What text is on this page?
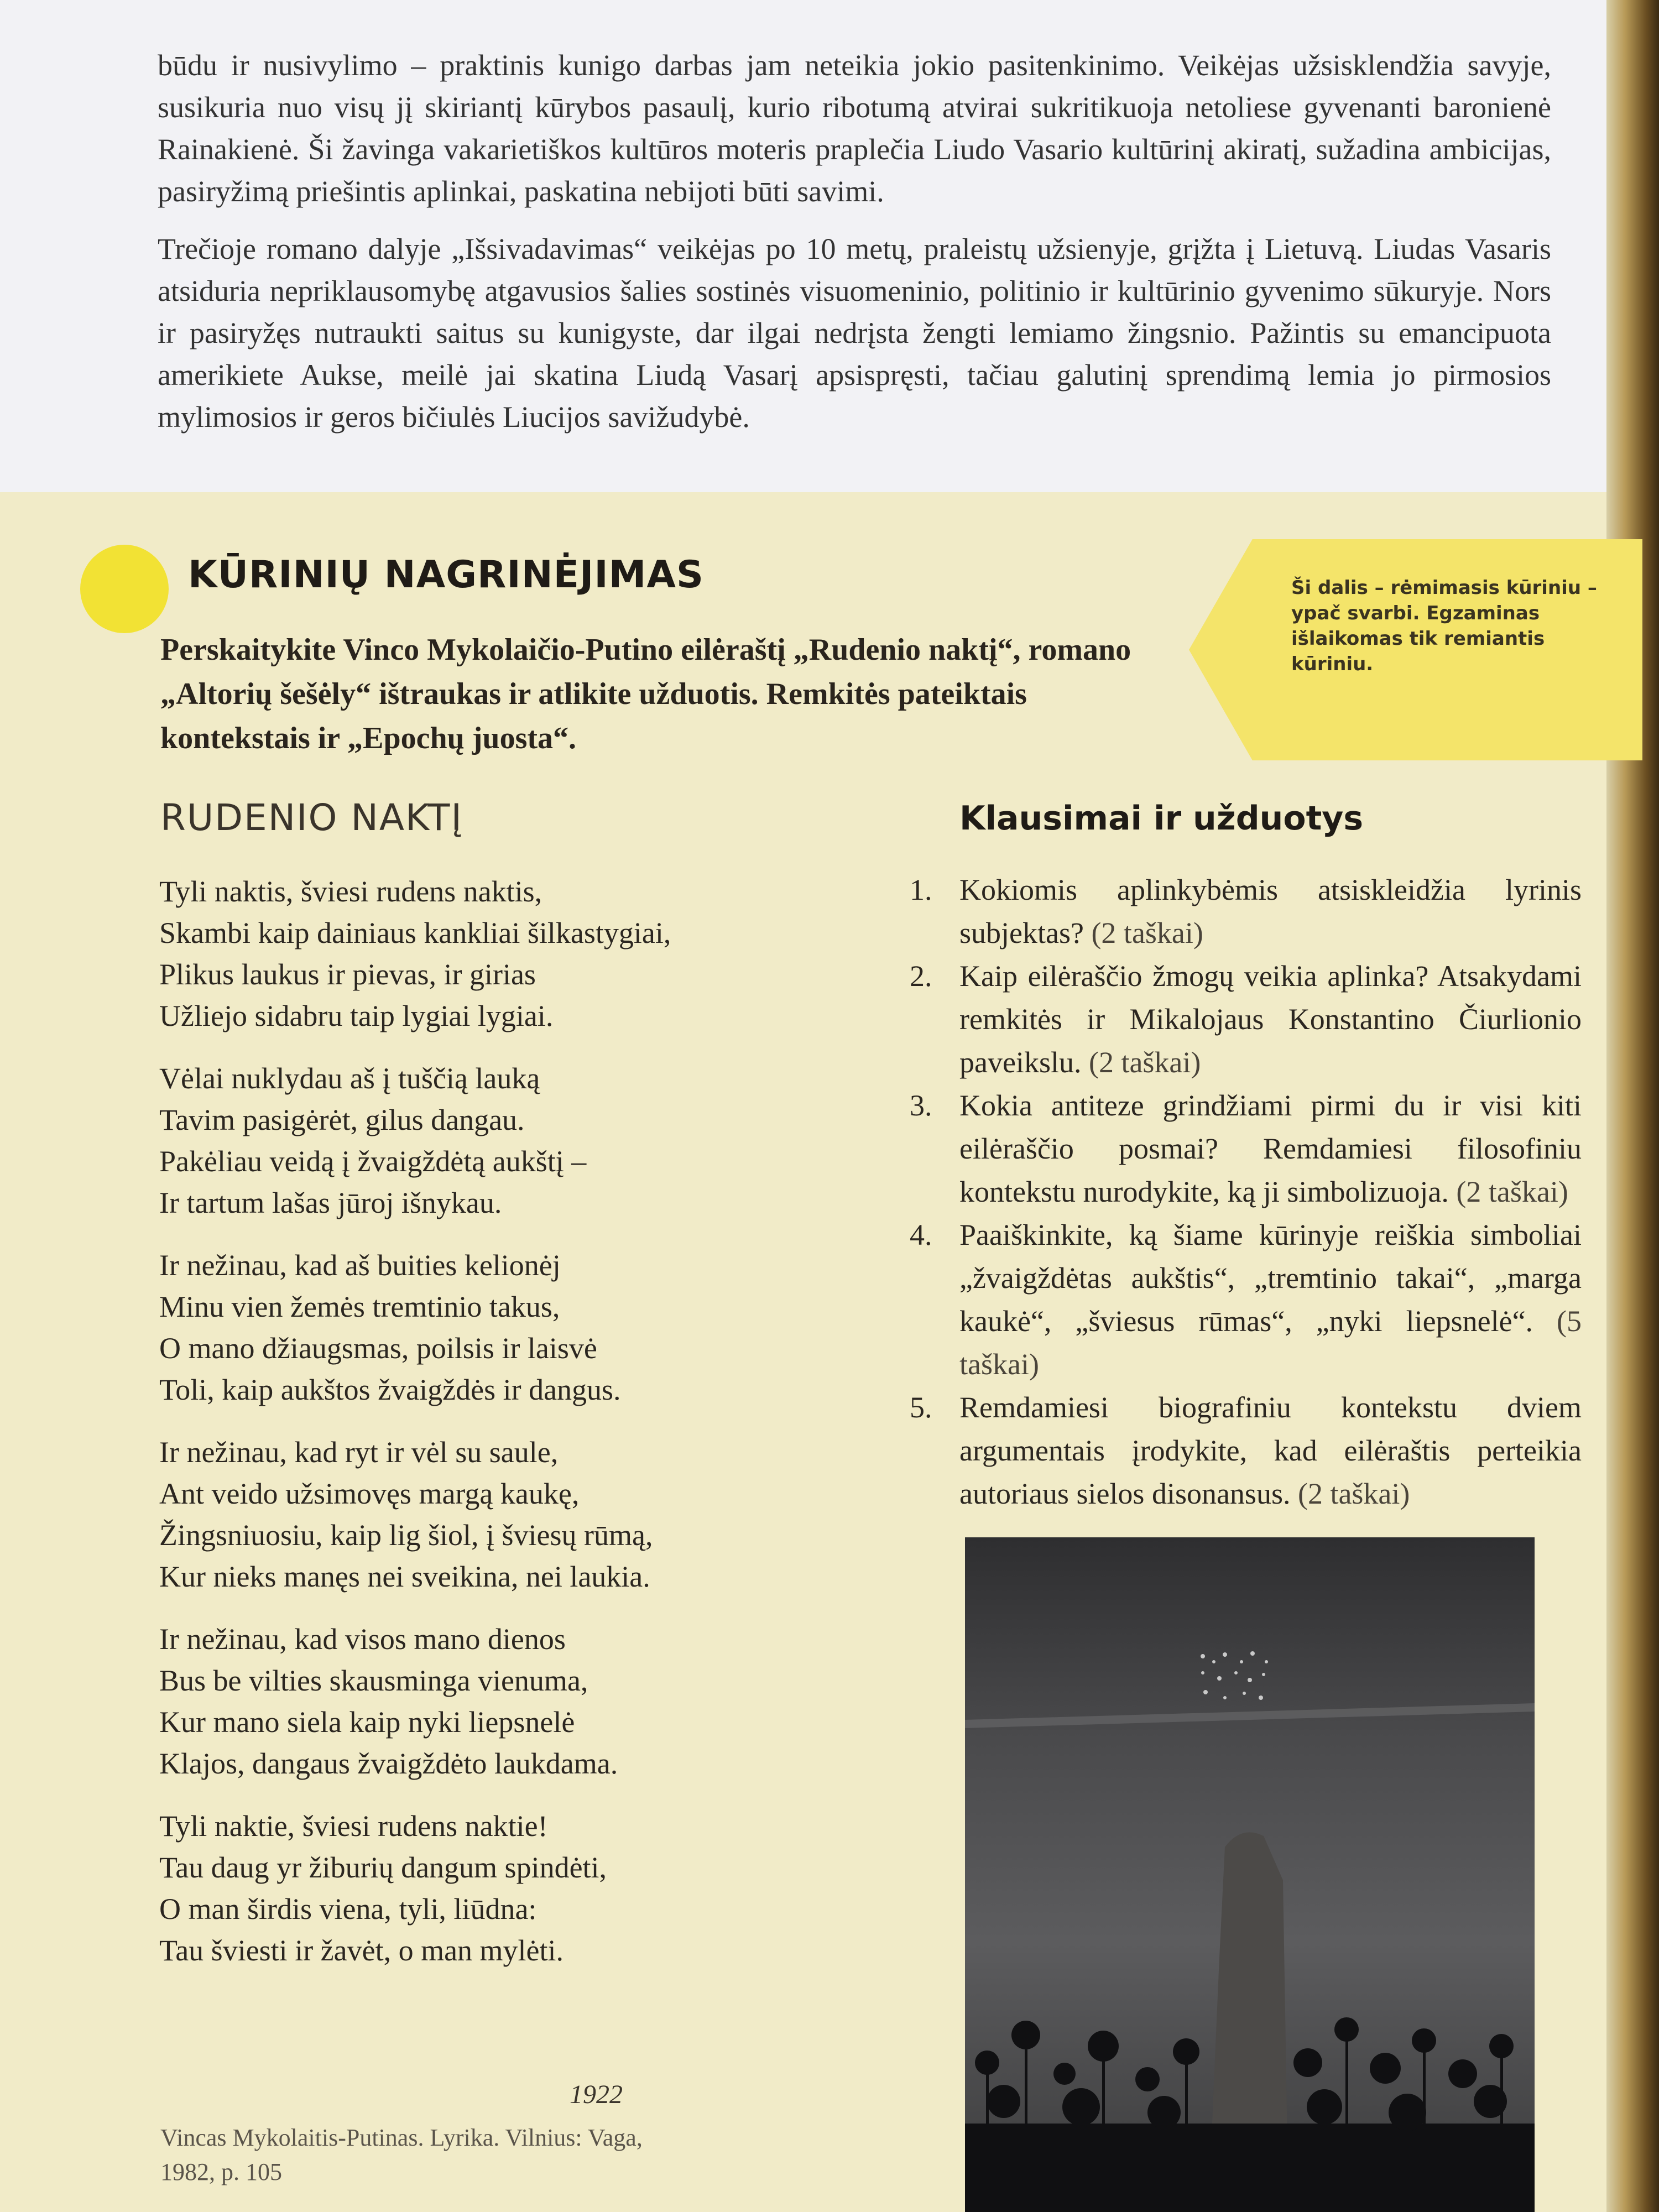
būdu ir nusivylimo – praktinis kunigo darbas jam neteikia jokio pasitenkinimo. Veikėjas užsisklendžia savyje, susikuria nuo visų jį skiriantį kūrybos pasaulį, kurio ribotumą atvirai sukritikuoja netoliese gyvenanti baronienė Rainakienė. Ši žavinga vakarietiškos kultūros moteris praplečia Liudo Vasario kultūrinį akiratį, sužadina ambicijas, pasiryžimą priešintis aplinkai, paskatina nebijoti būti savimi.

Trečioje romano dalyje „Išsivadavimas“ veikėjas po 10 metų, praleistų užsienyje, grįžta į Lietuvą. Liudas Vasaris atsiduria nepriklausomybę atgavusios šalies sostinės visuomeninio, politinio ir kultūrinio gyvenimo sūkuryje. Nors ir pasiryžęs nutraukti saitus su kunigyste, dar ilgai nedrįsta žengti lemiamo žingsnio. Pažintis su emancipuota amerikiete Aukse, meilė jai skatina Liudą Vasarį apsispręsti, tačiau galutinį sprendimą lemia jo pirmosios mylimosios ir geros bičiulės Liucijos savižudybė.

KŪRINIŲ NAGRINĖJIMAS
Perskaitykite Vinco Mykolaičio-Putino eilėraštį „Rudenio naktį“, romano „Altorių šešėly“ ištraukas ir atlikite užduotis. Remkitės pateiktais kontekstais ir „Epochų juosta“.
Ši dalis – rėmimasis kūriniu – ypač svarbi. Egzaminas išlaikomas tik remiantis kūriniu.
RUDENIO NAKTĮ
Tyli naktis, šviesi rudens naktis,
Skambi kaip dainiaus kankliai šilkastygiai,
Plikus laukus ir pievas, ir girias
Užliejo sidabru taip lygiai lygiai.
Vėlai nuklydau aš į tuščią lauką
Tavim pasigėrėt, gilus dangau.
Pakėliau veidą į žvaigždėtą aukštį –
Ir tartum lašas jūroj išnykau.
Ir nežinau, kad aš buities kelionėj
Minu vien žemės tremtinio takus,
O mano džiaugsmas, poilsis ir laisvė
Toli, kaip aukštos žvaigždės ir dangus.
Ir nežinau, kad ryt ir vėl su saule,
Ant veido užsimovęs margą kaukę,
Žingsniuosiu, kaip lig šiol, į šviesų rūmą,
Kur nieks manęs nei sveikina, nei laukia.
Ir nežinau, kad visos mano dienos
Bus be vilties skausminga vienuma,
Kur mano siela kaip nyki liepsnelė
Klajos, dangaus žvaigždėto laukdama.
Tyli naktie, šviesi rudens naktie!
Tau daug yr žiburių dangum spindėti,
O man širdis viena, tyli, liūdna:
Tau šviesti ir žavėt, o man mylėti.
1922
Vincas Mykolaitis-Putinas. Lyrika. Vilnius: Vaga,
1982, p. 105
Klausimai ir užduotys
1. Kokiomis aplinkybėmis atsiskleidžia lyrinis subjektas? (2 taškai)
2. Kaip eilėraščio žmogų veikia aplinka? Atsakydami remkitės ir Mikalojaus Konstantino Čiurlionio paveikslu. (2 taškai)
3. Kokia antiteze grindžiami pirmi du ir visi kiti eilėraščio posmai? Remdamiesi filosofiniu kontekstu nurodykite, ką ji simbolizuoja. (2 taškai)
4. Paaiškinkite, ką šiame kūrinyje reiškia simboliai „žvaigždėtas aukštis“, „tremtinio takai“, „marga kaukė“, „šviesus rūmas“, „nyki liepsnelė“. (5 taškai)
5. Remdamiesi biografiniu kontekstu dviem argumentais įrodykite, kad eilėraštis perteikia autoriaus sielos disonansus. (2 taškai)
